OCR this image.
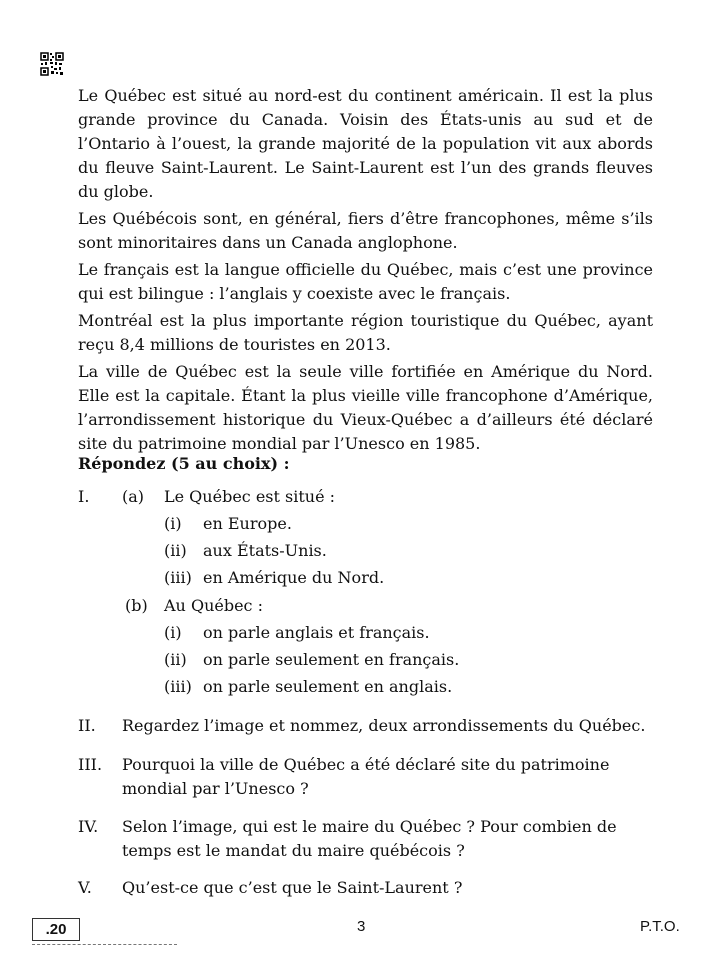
Le Québec est situé au nord-est du continent américain. Il est la plus grande province du Canada. Voisin des États-unis au sud et de l’Ontario à l’ouest, la grande majorité de la population vit aux abords du fleuve Saint-Laurent. Le Saint-Laurent est l’un des grands fleuves du globe.

Les Québécois sont, en général, fiers d’être francophones, même s’ils sont minoritaires dans un Canada anglophone.

Le français est la langue officielle du Québec, mais c’est une province qui est bilingue : l’anglais y coexiste avec le français.

Montréal est la plus importante région touristique du Québec, ayant reçu 8,4 millions de touristes en 2013.

La ville de Québec est la seule ville fortifiée en Amérique du Nord. Elle est la capitale. Étant la plus vieille ville francophone d’Amérique, l’arrondissement historique du Vieux-Québec a d’ailleurs été déclaré site du patrimoine mondial par l’Unesco en 1985.

Répondez (5 au choix) :
I. (a) Le Québec est situé :
(i) en Europe.
(ii) aux États-Unis.
(iii) en Amérique du Nord.
(b) Au Québec :
(i) on parle anglais et français.
(ii) on parle seulement en français.
(iii) on parle seulement en anglais.
II. Regardez l’image et nommez, deux arrondissements du Québec.
III. Pourquoi la ville de Québec a été déclaré site du patrimoine mondial par l’Unesco ?
IV. Selon l’image, qui est le maire du Québec ? Pour combien de temps est le mandat du maire québécois ?
V. Qu’est-ce que c’est que le Saint-Laurent ?
.20	3	P.T.O.
